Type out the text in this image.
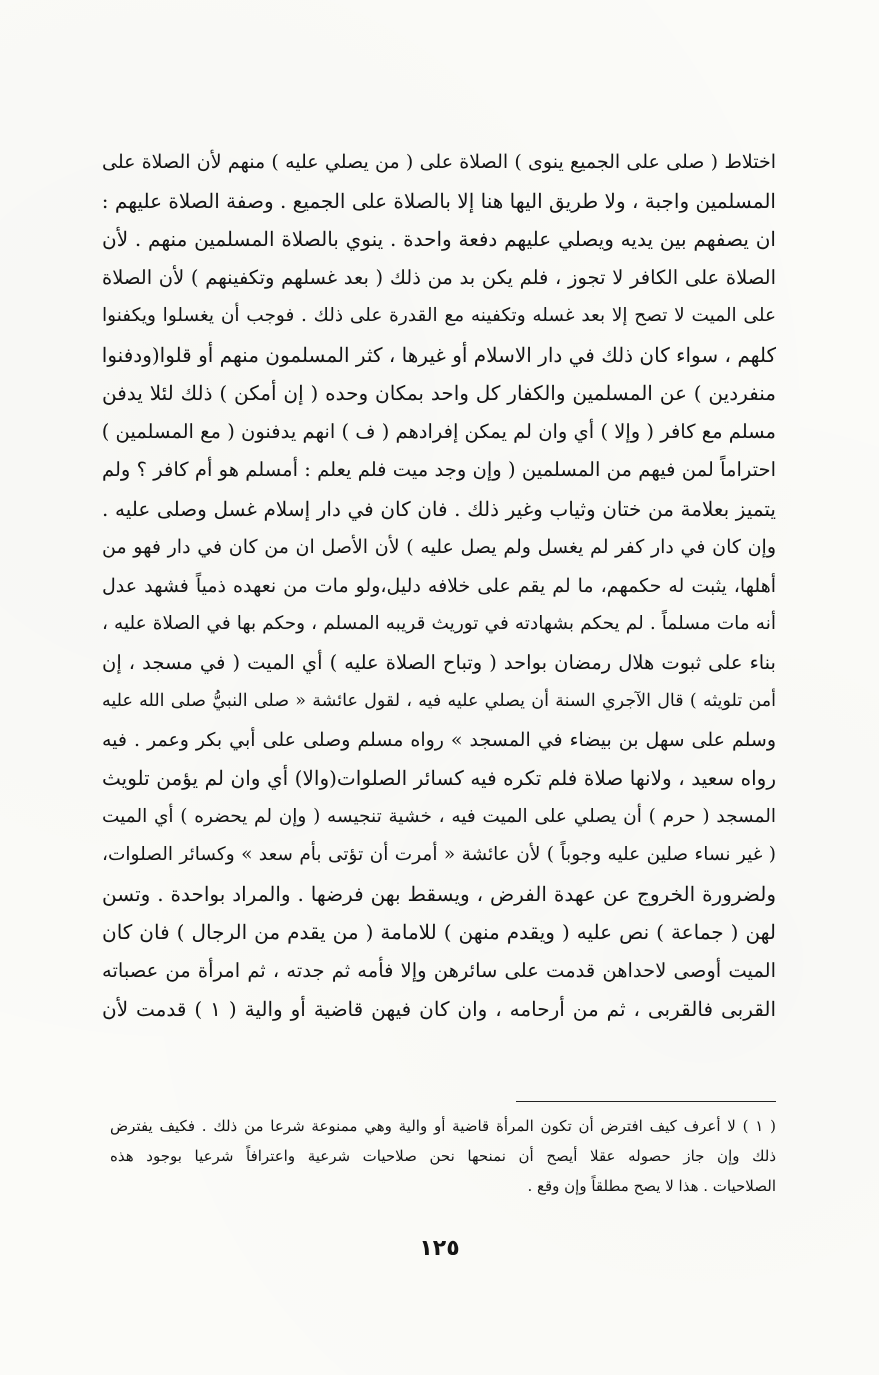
اختلاط ( صلى على الجميع ينوى ) الصلاة على ( من يصلي عليه ) منهم لأن الصلاة على
المسلمين واجبة ، ولا طريق اليها هنا إلا بالصلاة على الجميع . وصفة الصلاة عليهم :
ان يصفهم بين يديه ويصلي عليهم دفعة واحدة . ينوي بالصلاة المسلمين منهم . لأن
الصلاة على الكافر لا تجوز ، فلم يكن بد من ذلك ( بعد غسلهم وتكفينهم ) لأن الصلاة
على الميت لا تصح إلا بعد غسله وتكفينه مع القدرة على ذلك . فوجب أن يغسلوا ويكفنوا
كلهم ، سواء كان ذلك في دار الاسلام أو غيرها ، كثر المسلمون منهم أو قلوا(ودفنوا
منفردين ) عن المسلمين والكفار كل واحد بمكان وحده ( إن أمكن ) ذلك لئلا يدفن
مسلم مع كافر ( وإلا ) أي وان لم يمكن إفرادهم ( ف ) انهم يدفنون ( مع المسلمين )
احتراماً لمن فيهم من المسلمين ( وإن وجد ميت فلم يعلم : أمسلم هو أم كافر ؟ ولم
يتميز بعلامة من ختان وثياب وغير ذلك . فان كان في دار إسلام غسل وصلى عليه .
وإن كان في دار كفر لم يغسل ولم يصل عليه ) لأن الأصل ان من كان في دار فهو من
أهلها، يثبت له حكمهم، ما لم يقم على خلافه دليل،ولو مات من نعهده ذمياً فشهد عدل
أنه مات مسلماً . لم يحكم بشهادته في توريث قريبه المسلم ، وحكم بها في الصلاة عليه ،
بناء على ثبوت هلال رمضان بواحد ( وتباح الصلاة عليه ) أي الميت ( في مسجد ، إن
أمن تلويثه ) قال الآجري السنة أن يصلي عليه فيه ، لقول عائشة « صلى النبيُّ صلى الله عليه
وسلم على سهل بن بيضاء في المسجد » رواه مسلم وصلى على أبي بكر وعمر . فيه
رواه سعيد ، ولانها صلاة فلم تكره فيه كسائر الصلوات(والا) أي وان لم يؤمن تلويث
المسجد ( حرم ) أن يصلي على الميت فيه ، خشية تنجيسه ( وإن لم يحضره ) أي الميت
( غير نساء صلين عليه وجوباً ) لأن عائشة « أمرت أن تؤتى بأم سعد » وكسائر الصلوات،
ولضرورة الخروج عن عهدة الفرض ، ويسقط بهن فرضها . والمراد بواحدة . وتسن
لهن ( جماعة ) نص عليه ( ويقدم منهن ) للامامة ( من يقدم من الرجال ) فان كان
الميت أوصى لاحداهن قدمت على سائرهن وإلا فأمه ثم جدته ، ثم امرأة من عصباته
القربى فالقربى ، ثم من أرحامه ، وان كان فيهن قاضية أو والية ( ١ ) قدمت لأن
( ١ ) لا أعرف كيف افترض أن تكون المرأة قاضية أو والية وهي ممنوعة شرعا من ذلك . فكيف يفترض
ذلك وإن جاز حصوله عقلا أيصح أن نمنحها نحن صلاحيات شرعية واعترافاً شرعيا بوجود هذه
الصلاحيات . هذا لا يصح مطلقاً وإن وقع .
١٢٥
